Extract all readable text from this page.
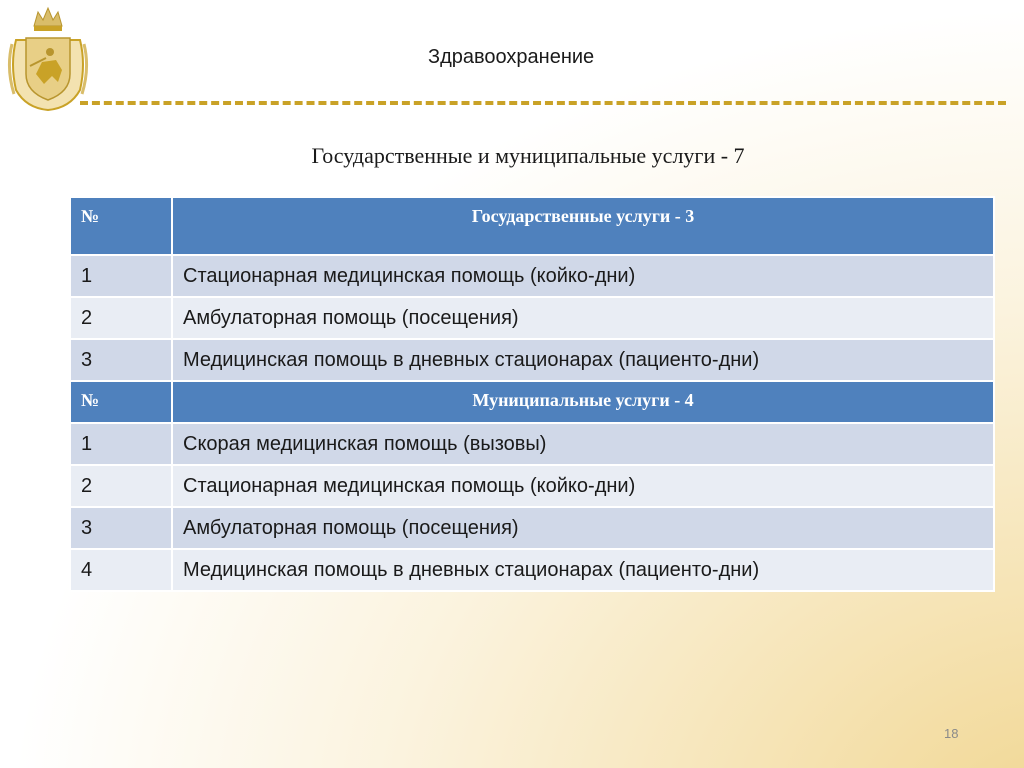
Здравоохранение
Государственные и муниципальные услуги - 7
№	Государственные услуги - 3
1	Стационарная медицинская помощь (койко-дни)
2	Амбулаторная помощь (посещения)
3	Медицинская помощь в дневных стационарах (пациенто-дни)
№	Муниципальные услуги - 4
1	Скорая медицинская помощь (вызовы)
2	Стационарная медицинская помощь (койко-дни)
3	Амбулаторная помощь (посещения)
4	Медицинская помощь в дневных стационарах (пациенто-дни)
18
